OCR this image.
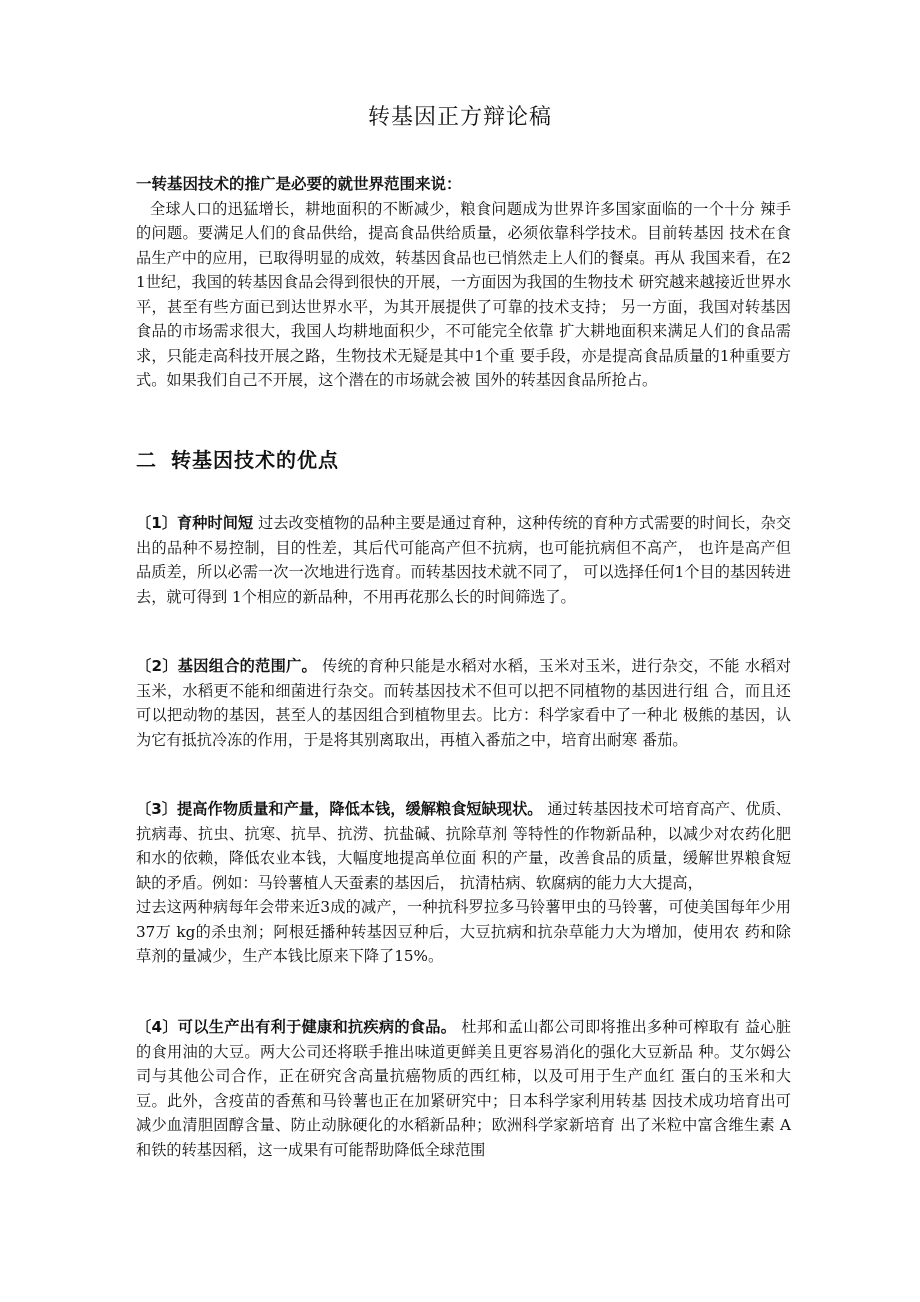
转基因正方辩论稿
一转基因技术的推广是必要的就世界范围来说：
全球人口的迅猛增长，耕地面积的不断减少，粮食问题成为世界许多国家面临的一个十分 辣手的问题。要满足人们的食品供给，提高食品供给质量，必须依靠科学技术。目前转基因 技术在食品生产中的应用，已取得明显的成效，转基因食品也已悄然走上人们的餐桌。再从 我国来看，在21世纪，我国的转基因食品会得到很快的开展，一方面因为我国的生物技术 研究越来越接近世界水平，甚至有些方面已到达世界水平，为其开展提供了可靠的技术支持； 另一方面，我国对转基因食品的市场需求很大，我国人均耕地面积少，不可能完全依靠 扩大耕地面积来满足人们的食品需求，只能走高科技开展之路，生物技术无疑是其中1个重 要手段，亦是提高食品质量的1种重要方式。如果我们自己不开展，这个潜在的市场就会被 国外的转基因食品所抢占。
二 转基因技术的优点
〔1〕育种时间短 过去改变植物的品种主要是通过育种，这种传统的育种方式需要的时间长，杂交出的品种不易控制，目的性差，其后代可能高产但不抗病，也可能抗病但不高产， 也许是高产但品质差，所以必需一次一次地进行选育。而转基因技术就不同了， 可以选择任何1个目的基因转进去，就可得到 1个相应的新品种，不用再花那么长的时间筛选了。
〔2〕基因组合的范围广。 传统的育种只能是水稻对水稻，玉米对玉米，进行杂交，不能 水稻对玉米，水稻更不能和细菌进行杂交。而转基因技术不但可以把不同植物的基因进行组 合，而且还可以把动物的基因，甚至人的基因组合到植物里去。比方：科学家看中了一种北 极熊的基因，认为它有抵抗冷冻的作用，于是将其别离取出，再植入番茄之中，培育出耐寒 番茄。
〔3〕提高作物质量和产量，降低本钱，缓解粮食短缺现状。 通过转基因技术可培育高产、优质、抗病毒、抗虫、抗寒、抗旱、抗涝、抗盐碱、抗除草剂 等特性的作物新品种，以减少对农药化肥和水的依赖，降低农业本钱，大幅度地提高单位面 积的产量，改善食品的质量，缓解世界粮食短缺的矛盾。例如：马铃薯植人天蚕素的基因后， 抗清枯病、软腐病的能力大大提高，
过去这两种病每年会带来近3成的减产，一种抗科罗拉多马铃薯甲虫的马铃薯，可使美国每年少用37万 kg的杀虫剂；阿根廷播种转基因豆种后，大豆抗病和抗杂草能力大为增加，使用农 药和除草剂的量减少，生产本钱比原来下降了15%。
〔4〕可以生产出有利于健康和抗疾病的食品。 杜邦和孟山都公司即将推出多种可榨取有 益心脏的食用油的大豆。两大公司还将联手推出味道更鲜美且更容易消化的强化大豆新品 种。艾尔姆公司与其他公司合作，正在研究含高量抗癌物质的西红柿，以及可用于生产血红 蛋白的玉米和大豆。此外，含疫苗的香蕉和马铃薯也正在加紧研究中；日本科学家利用转基 因技术成功培育出可减少血清胆固醇含量、防止动脉硬化的水稻新品种；欧洲科学家新培育 出了米粒中富含维生素 A和铁的转基因稻，这一成果有可能帮助降低全球范围
